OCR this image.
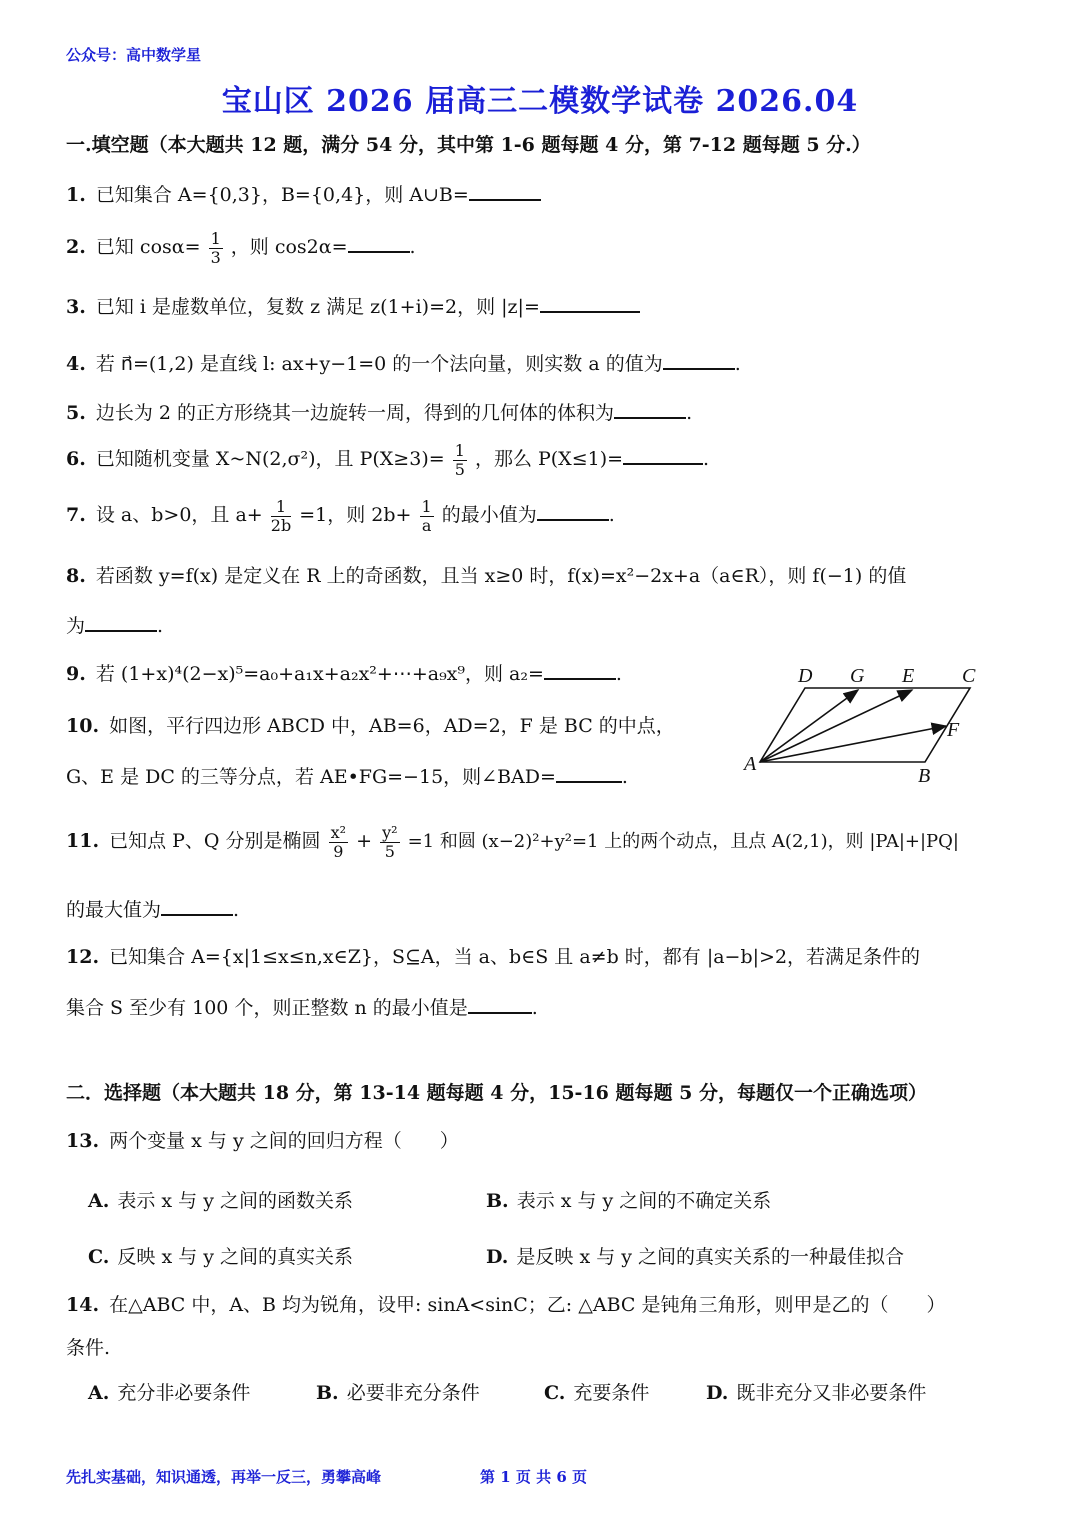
公众号：高中数学星
宝山区 2026 届高三二模数学试卷 2026.04
一.填空题（本大题共 12 题，满分 54 分，其中第 1-6 题每题 4 分，第 7-12 题每题 5 分.）
1. 已知集合 A={0,3}，B={0,4}，则 A∪B=
2. 已知 $\cos\alpha= \frac{1}{3}$ ，则 cos2α=	.
3. 已知 i 是虚数单位，复数 z 满足 z(1+i)=2，则 |z|=
4. 若 n⃗=(1,2) 是直线 l: ax+y−1=0 的一个法向量，则实数 a 的值为	.
5. 边长为 2 的正方形绕其一边旋转一周，得到的几何体的体积为	.
6. 已知随机变量 X~N(2,σ²)，且 $P(X\ge 3)= \frac{1}{5}$ ，那么 P(X≤1)=	.
7. 设 a、b>0，且 $a+ \frac{1}{2b} =1$，则 $2b+ \frac{1}{a}$ 的最小值为	.
8. 若函数 y=f(x) 是定义在 R 上的奇函数，且当 x≥0 时，f(x)=x²−2x+a（a∈R），则 f(−1) 的值
为	.
9. 若 (1+x)⁴(2−x)⁵=a₀+a₁x+a₂x²+⋯+a₉x⁹，则 a₂=	.
10. 如图，平行四边形 ABCD 中，AB=6，AD=2，F 是 BC 的中点，
G、E 是 DC 的三等分点，若 AE•FG=−15，则∠BAD=	.
D G E C
F
A
B
11. 已知点 P、Q 分别是椭圆 $\frac{\text{x²}}{9} + \frac{\text{y²}}{5} =1$ 和圆 (x−2)²+y²=1 上的两个动点，且点 A(2,1)，则 |PA|+|PQ|
的最大值为	.
12. 已知集合 A={x|1≤x≤n,x∈Z}，S⊆A，当 a、b∈S 且 a≠b 时，都有 |a−b|>2，若满足条件的
集合 S 至少有 100 个，则正整数 n 的最小值是	.
二．选择题（本大题共 18 分，第 13-14 题每题 4 分，15-16 题每题 5 分，每题仅一个正确选项）
13. 两个变量 x 与 y 之间的回归方程（　　）
A. 表示 x 与 y 之间的函数关系	B. 表示 x 与 y 之间的不确定关系
C. 反映 x 与 y 之间的真实关系	D. 是反映 x 与 y 之间的真实关系的一种最佳拟合
14. 在△ABC 中，A、B 均为锐角，设甲: sinA<sinC；乙: △ABC 是钝角三角形，则甲是乙的（　　）
条件.
A. 充分非必要条件	B. 必要非充分条件	C. 充要条件	D. 既非充分又非必要条件
先扎实基础，知识通透，再举一反三，勇攀高峰	第 1 页 共 6 页
